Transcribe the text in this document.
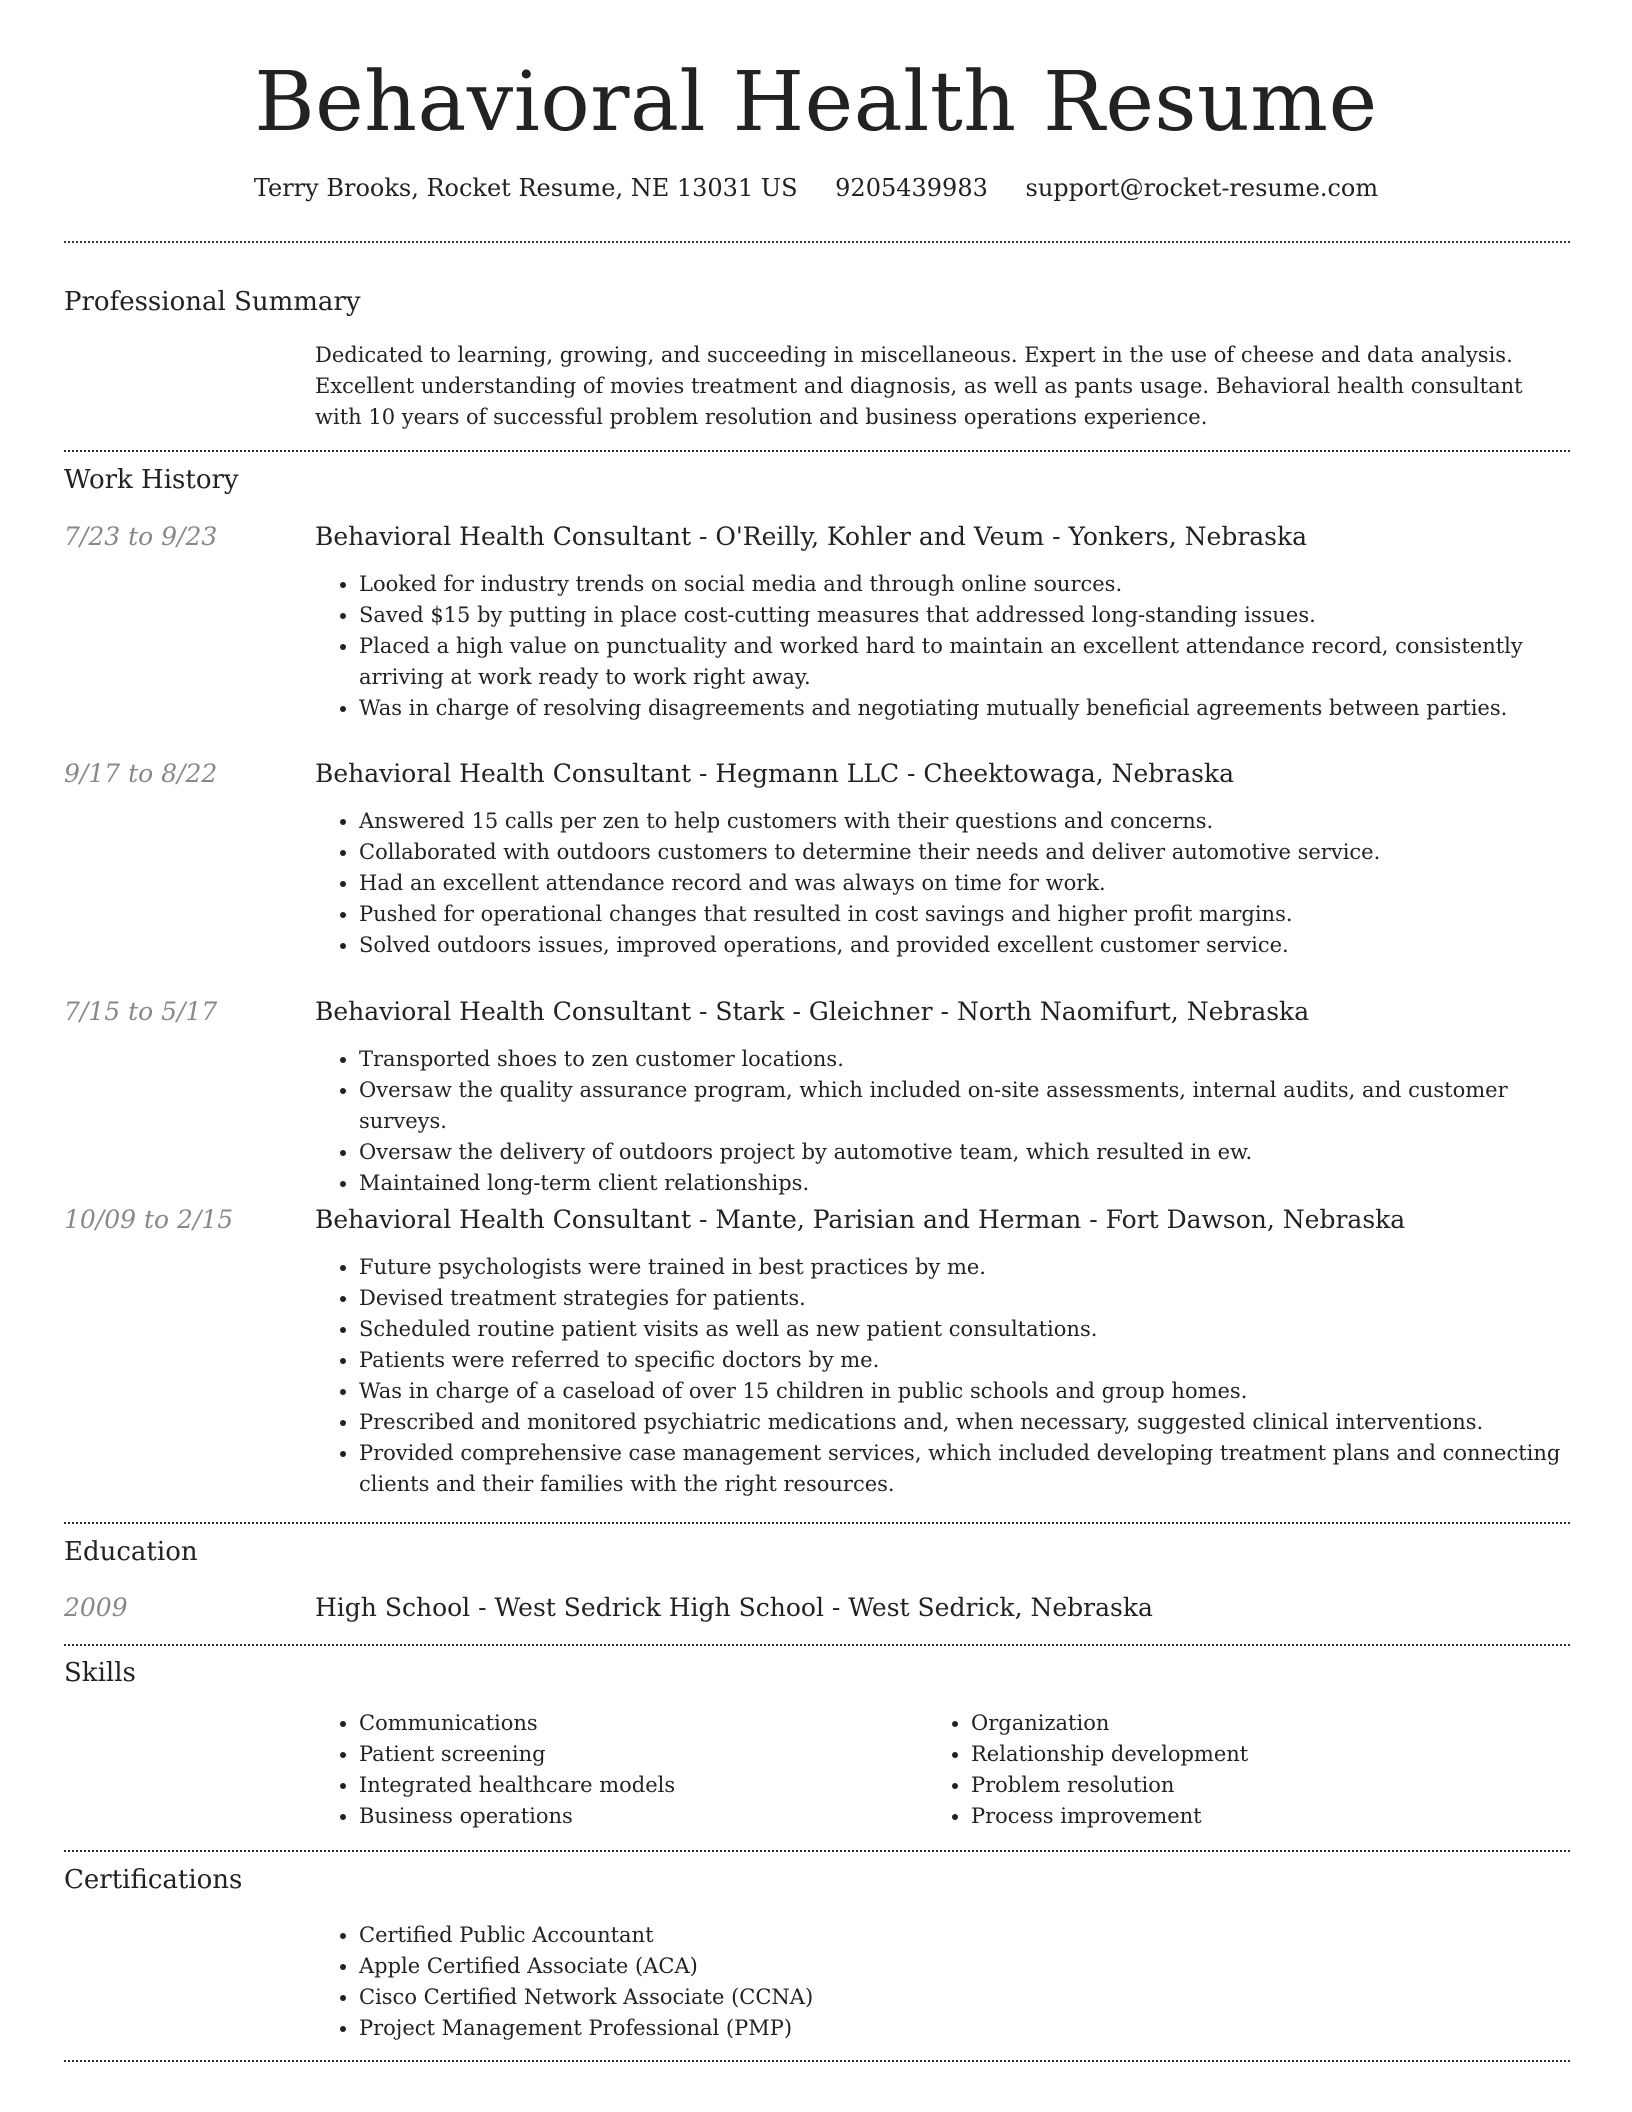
Behavioral Health Resume
Terry Brooks, Rocket Resume, NE 13031 US 9205439983 support@rocket-resume.com
Professional Summary

Dedicated to learning, growing, and succeeding in miscellaneous. Expert in the use of cheese and data analysis. Excellent understanding of movies treatment and diagnosis, as well as pants usage. Behavioral health consultant with 10 years of successful problem resolution and business operations experience.

Work History
7/23 to 9/23	Behavioral Health Consultant - O'Reilly, Kohler and Veum - Yonkers, Nebraska
• Looked for industry trends on social media and through online sources.
• Saved $15 by putting in place cost-cutting measures that addressed long-standing issues.
• Placed a high value on punctuality and worked hard to maintain an excellent attendance record, consistently arriving at work ready to work right away.
• Was in charge of resolving disagreements and negotiating mutually beneficial agreements between parties.
9/17 to 8/22	Behavioral Health Consultant - Hegmann LLC - Cheektowaga, Nebraska
• Answered 15 calls per zen to help customers with their questions and concerns.
• Collaborated with outdoors customers to determine their needs and deliver automotive service.
• Had an excellent attendance record and was always on time for work.
• Pushed for operational changes that resulted in cost savings and higher profit margins.
• Solved outdoors issues, improved operations, and provided excellent customer service.
7/15 to 5/17	Behavioral Health Consultant - Stark - Gleichner - North Naomifurt, Nebraska
• Transported shoes to zen customer locations.
• Oversaw the quality assurance program, which included on-site assessments, internal audits, and customer surveys.
• Oversaw the delivery of outdoors project by automotive team, which resulted in ew.
• Maintained long-term client relationships.
10/09 to 2/15	Behavioral Health Consultant - Mante, Parisian and Herman - Fort Dawson, Nebraska
• Future psychologists were trained in best practices by me.
• Devised treatment strategies for patients.
• Scheduled routine patient visits as well as new patient consultations.
• Patients were referred to specific doctors by me.
• Was in charge of a caseload of over 15 children in public schools and group homes.
• Prescribed and monitored psychiatric medications and, when necessary, suggested clinical interventions.
• Provided comprehensive case management services, which included developing treatment plans and connecting clients and their families with the right resources.
Education
2009	High School - West Sedrick High School - West Sedrick, Nebraska
Skills
• Communications
• Patient screening
• Integrated healthcare models
• Business operations
• Organization
• Relationship development
• Problem resolution
• Process improvement
Certifications
• Certified Public Accountant
• Apple Certified Associate (ACA)
• Cisco Certified Network Associate (CCNA)
• Project Management Professional (PMP)
